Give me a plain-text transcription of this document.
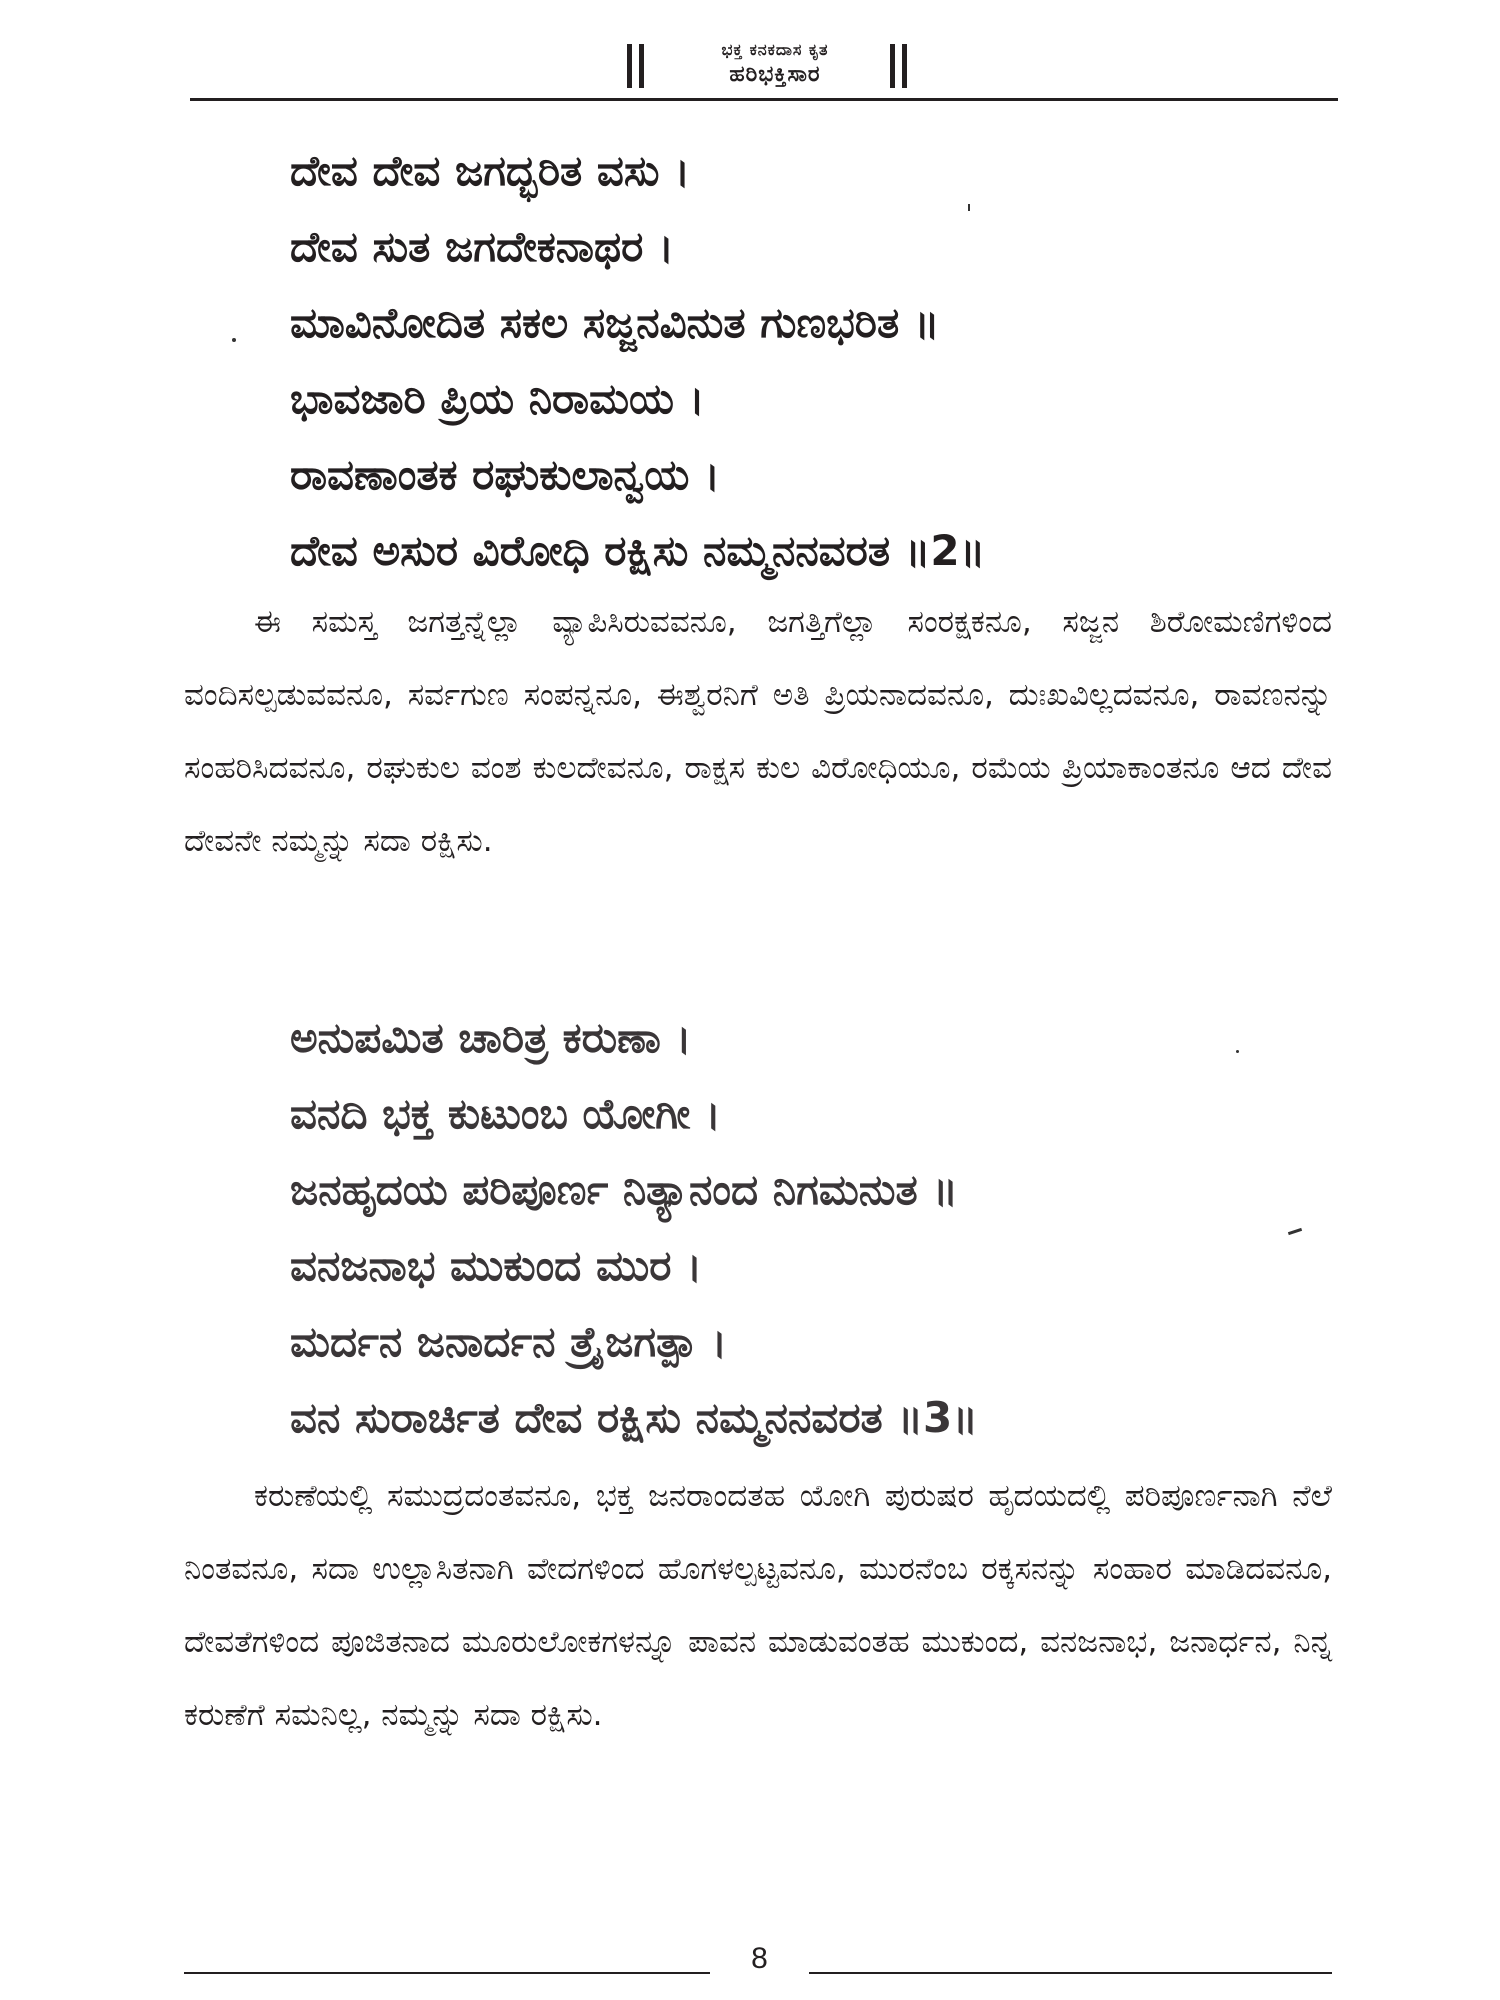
ಭಕ್ತ ಕನಕದಾಸ ಕೃತ
ಹರಿಭಕ್ತಿಸಾರ
ದೇವ ದೇವ ಜಗದ್ಭರಿತ ವಸು ।
ದೇವ ಸುತ ಜಗದೇಕನಾಥರ ।
ಮಾವಿನೋದಿತ ಸಕಲ ಸಜ್ಜನವಿನುತ ಗುಣಭರಿತ ॥
ಭಾವಜಾರಿ ಪ್ರಿಯ ನಿರಾಮಯ ।
ರಾವಣಾಂತಕ ರಘುಕುಲಾನ್ವಯ ।
ದೇವ ಅಸುರ ವಿರೋಧಿ ರಕ್ಷಿಸು ನಮ್ಮನನವರತ ॥2॥

ಈ ಸಮಸ್ತ ಜಗತ್ತನ್ನೆಲ್ಲಾ ವ್ಯಾಪಿಸಿರುವವನೂ, ಜಗತ್ತಿಗೆಲ್ಲಾ ಸಂರಕ್ಷಕನೂ, ಸಜ್ಜನ ಶಿರೋಮಣಿಗಳಿಂದ ವಂದಿಸಲ್ಪಡುವವನೂ, ಸರ್ವಗುಣ ಸಂಪನ್ನನೂ, ಈಶ್ವರನಿಗೆ ಅತಿ ಪ್ರಿಯನಾದವನೂ, ದುಃಖವಿಲ್ಲದವನೂ, ರಾವಣನನ್ನು ಸಂಹರಿಸಿದವನೂ, ರಘುಕುಲ ವಂಶ ಕುಲದೇವನೂ, ರಾಕ್ಷಸ ಕುಲ ವಿರೋಧಿಯೂ, ರಮೆಯ ಪ್ರಿಯಾಕಾಂತನೂ ಆದ ದೇವ ದೇವನೇ ನಮ್ಮನ್ನು ಸದಾ ರಕ್ಷಿಸು.

ಅನುಪಮಿತ ಚಾರಿತ್ರ ಕರುಣಾ ।
ವನದಿ ಭಕ್ತ ಕುಟುಂಬ ಯೋಗೀ ।
ಜನಹೃದಯ ಪರಿಪೂರ್ಣ ನಿತ್ಯಾನಂದ ನಿಗಮನುತ ॥
ವನಜನಾಭ ಮುಕುಂದ ಮುರ ।
ಮರ್ದನ ಜನಾರ್ದನ ತ್ರೈಜಗತ್ಪಾ ।
ವನ ಸುರಾರ್ಚಿತ ದೇವ ರಕ್ಷಿಸು ನಮ್ಮನನವರತ ॥3॥

ಕರುಣೆಯಲ್ಲಿ ಸಮುದ್ರದಂತವನೂ, ಭಕ್ತ ಜನರಾಂದತಹ ಯೋಗಿ ಪುರುಷರ ಹೃದಯದಲ್ಲಿ ಪರಿಪೂರ್ಣನಾಗಿ ನೆಲೆ ನಿಂತವನೂ, ಸದಾ ಉಲ್ಲಾಸಿತನಾಗಿ ವೇದಗಳಿಂದ ಹೊಗಳಲ್ಪಟ್ಟವನೂ, ಮುರನೆಂಬ ರಕ್ಕಸನನ್ನು ಸಂಹಾರ ಮಾಡಿದವನೂ, ದೇವತೆಗಳಿಂದ ಪೂಜಿತನಾದ ಮೂರುಲೋಕಗಳನ್ನೂ ಪಾವನ ಮಾಡುವಂತಹ ಮುಕುಂದ, ವನಜನಾಭ, ಜನಾರ್ಧನ, ನಿನ್ನ ಕರುಣೆಗೆ ಸಮನಿಲ್ಲ, ನಮ್ಮನ್ನು ಸದಾ ರಕ್ಷಿಸು.

8
